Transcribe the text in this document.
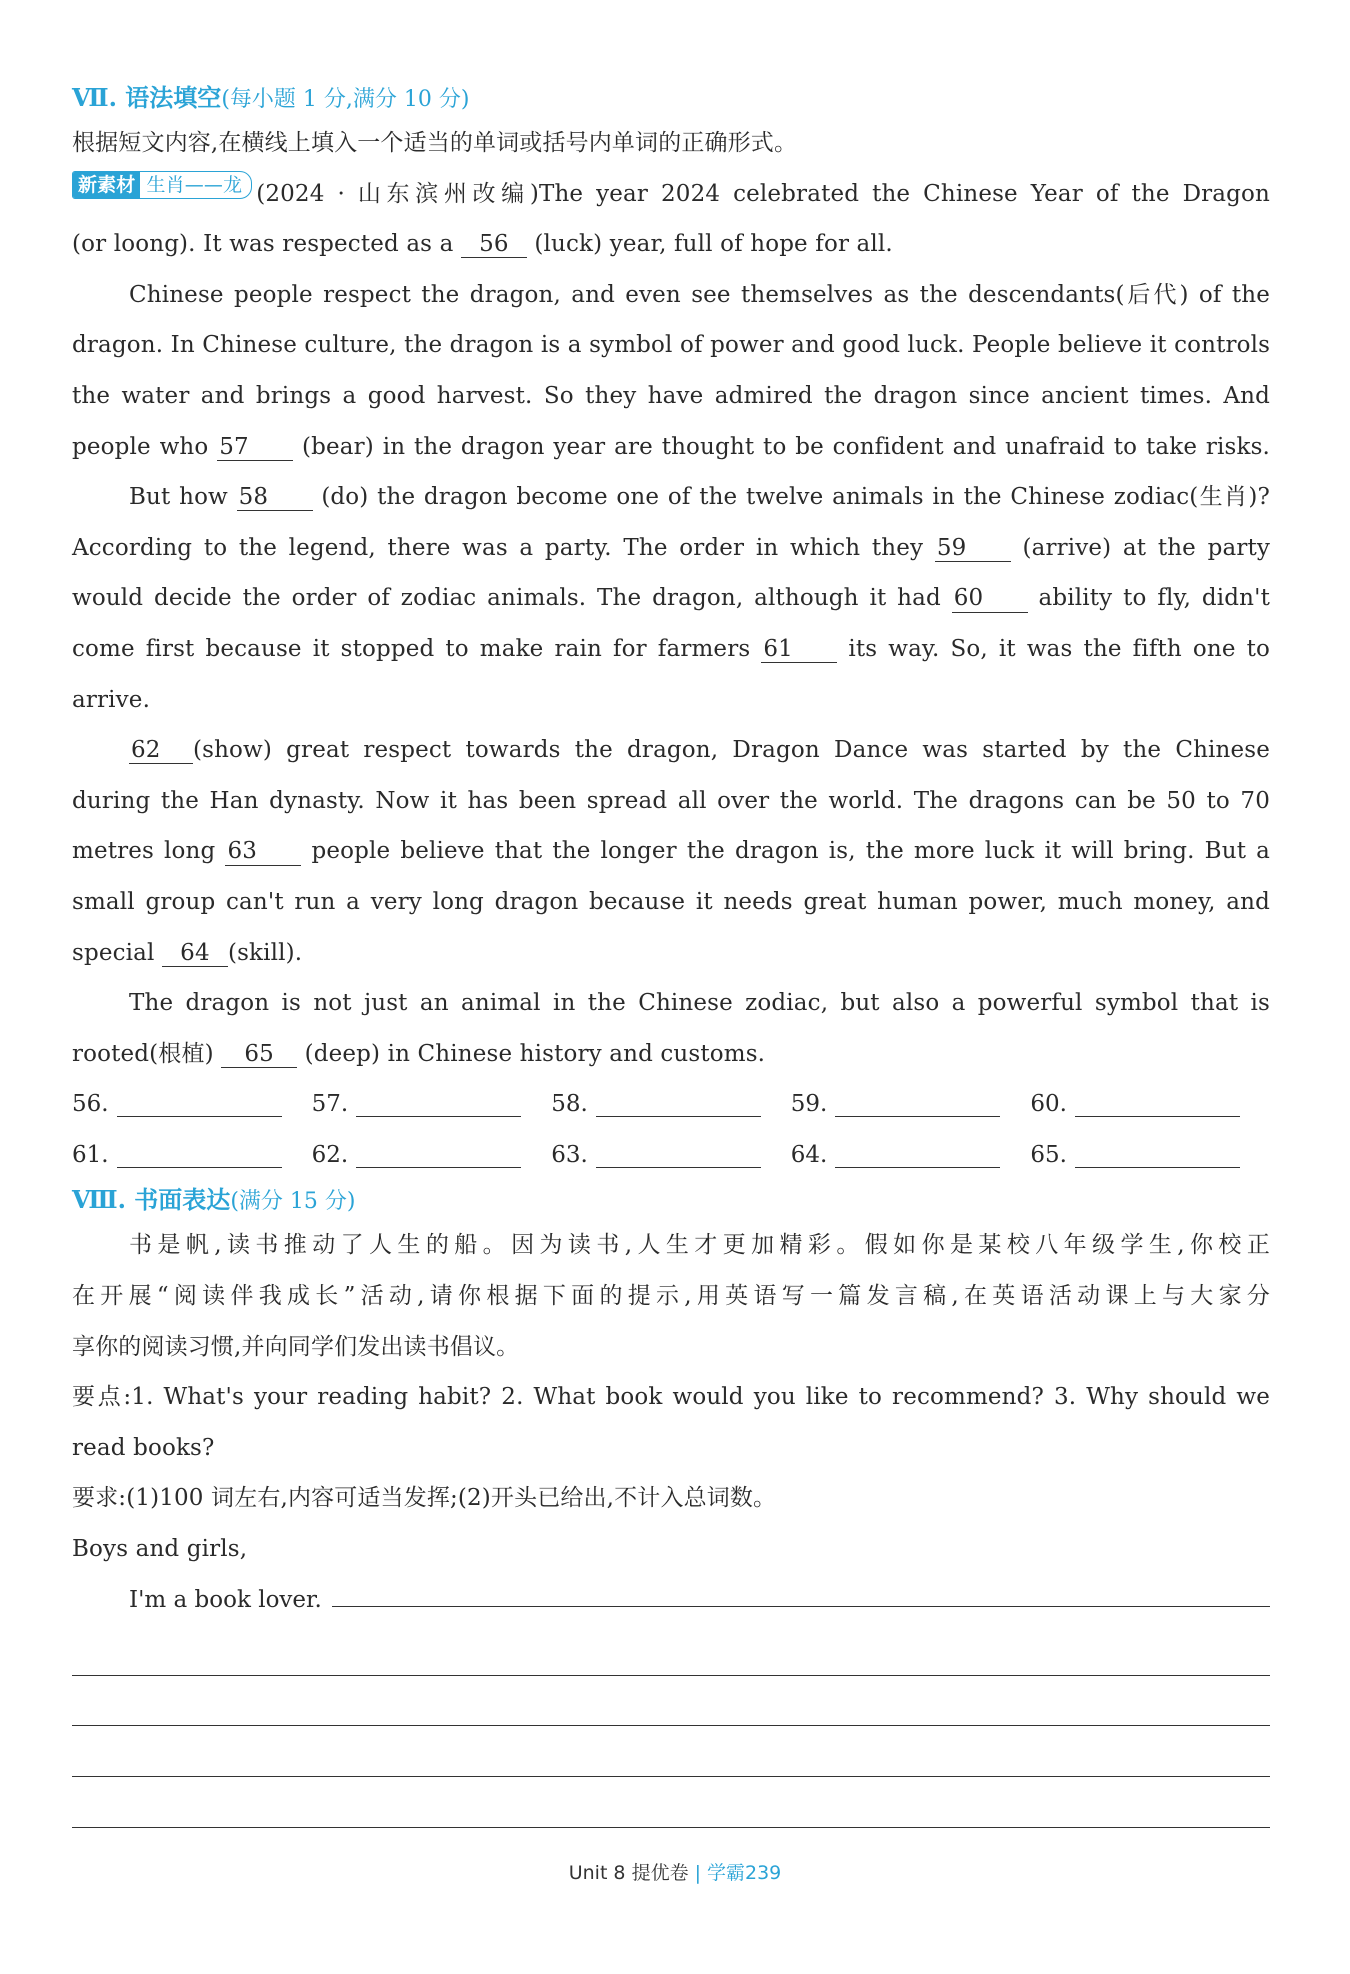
Ⅶ. 语法填空(每小题 1 分,满分 10 分)
根据短文内容,在横线上填入一个适当的单词或括号内单词的正确形式。
新素材 生肖——龙 (2024 · 山东滨州改编)The year 2024 celebrated the Chinese Year of the Dragon
(or loong). It was respected as a 56 (luck) year, full of hope for all.
Chinese people respect the dragon, and even see themselves as the descendants(后代) of the
dragon. In Chinese culture, the dragon is a symbol of power and good luck. People believe it controls
the water and brings a good harvest. So they have admired the dragon since ancient times. And
people who 57 (bear) in the dragon year are thought to be confident and unafraid to take risks.
But how 58 (do) the dragon become one of the twelve animals in the Chinese zodiac(生肖)?
According to the legend, there was a party. The order in which they 59 (arrive) at the party
would decide the order of zodiac animals. The dragon, although it had 60 ability to fly, didn't
come first because it stopped to make rain for farmers 61 its way. So, it was the fifth one to
arrive.
62 (show) great respect towards the dragon, Dragon Dance was started by the Chinese
during the Han dynasty. Now it has been spread all over the world. The dragons can be 50 to 70
metres long 63 people believe that the longer the dragon is, the more luck it will bring. But a
small group can't run a very long dragon because it needs great human power, much money, and
special 64 (skill).
The dragon is not just an animal in the Chinese zodiac, but also a powerful symbol that is
rooted(根植) 65 (deep) in Chinese history and customs.
56.	57.	58.	59.	60.
61.	62.	63.	64.	65.
Ⅷ. 书面表达(满分 15 分)
书是帆,读书推动了人生的船。因为读书,人生才更加精彩。假如你是某校八年级学生,你校正
在开展“阅读伴我成长”活动,请你根据下面的提示,用英语写一篇发言稿,在英语活动课上与大家分
享你的阅读习惯,并向同学们发出读书倡议。
要点:1. What's your reading habit? 2. What book would you like to recommend? 3. Why should we
read books?
要求:(1)100 词左右,内容可适当发挥;(2)开头已给出,不计入总词数。
Boys and girls,
I'm a book lover.
Unit 8 提优卷 | 学霸239
